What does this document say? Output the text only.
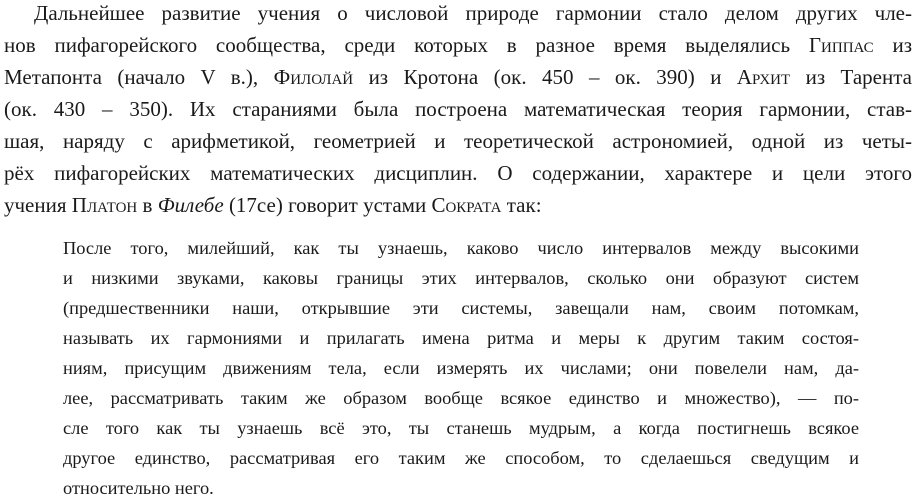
Дальнейшее развитие учения о числовой природе гармонии стало делом других чле-
нов пифагорейского сообщества, среди которых в разное время выделялись Гиппас из
Метапонта (начало V в.), Филолай из Кротона (ок. 450 – ок. 390) и Архит из Тарента
(ок. 430 – 350). Их стараниями была построена математическая теория гармонии, став-
шая, наряду с арифметикой, геометрией и теоретической астрономией, одной из четы-
рёх пифагорейских математических дисциплин. О содержании, характере и цели этого
учения Платон в Филебе (17се) говорит устами Сократа так:
После того, милейший, как ты узнаешь, каково число интервалов между высокими
и низкими звуками, каковы границы этих интервалов, сколько они образуют систем
(предшественники наши, открывшие эти системы, завещали нам, своим потомкам,
называть их гармониями и прилагать имена ритма и меры к другим таким состоя-
ниям, присущим движениям тела, если измерять их числами; они повелели нам, да-
лее, рассматривать таким же образом вообще всякое единство и множество), — по-
сле того как ты узнаешь всё это, ты станешь мудрым, а когда постигнешь всякое
другое единство, рассматривая его таким же способом, то сделаешься сведущим и
относительно него.
